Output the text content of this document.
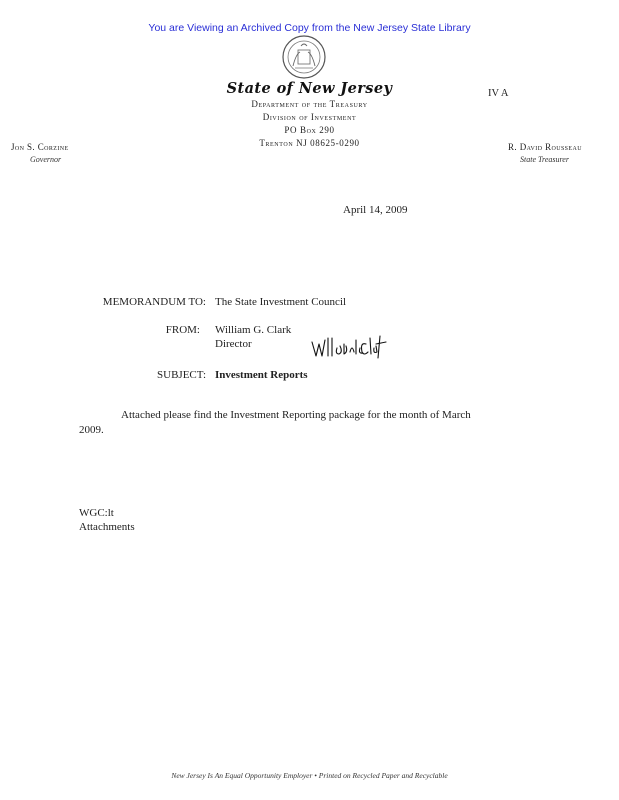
You are Viewing an Archived Copy from the New Jersey State Library
State of New Jersey
Department of the Treasury
Division of Investment
PO Box 290
Trenton NJ 08625-0290
IV A
Jon S. Corzine
Governor
R. David Rousseau
State Treasurer
April 14, 2009
MEMORANDUM TO: The State Investment Council
FROM: William G. Clark
Director
SUBJECT: Investment Reports
Attached please find the Investment Reporting package for the month of March
2009.
WGC:lt
Attachments
New Jersey Is An Equal Opportunity Employer • Printed on Recycled Paper and Recyclable
